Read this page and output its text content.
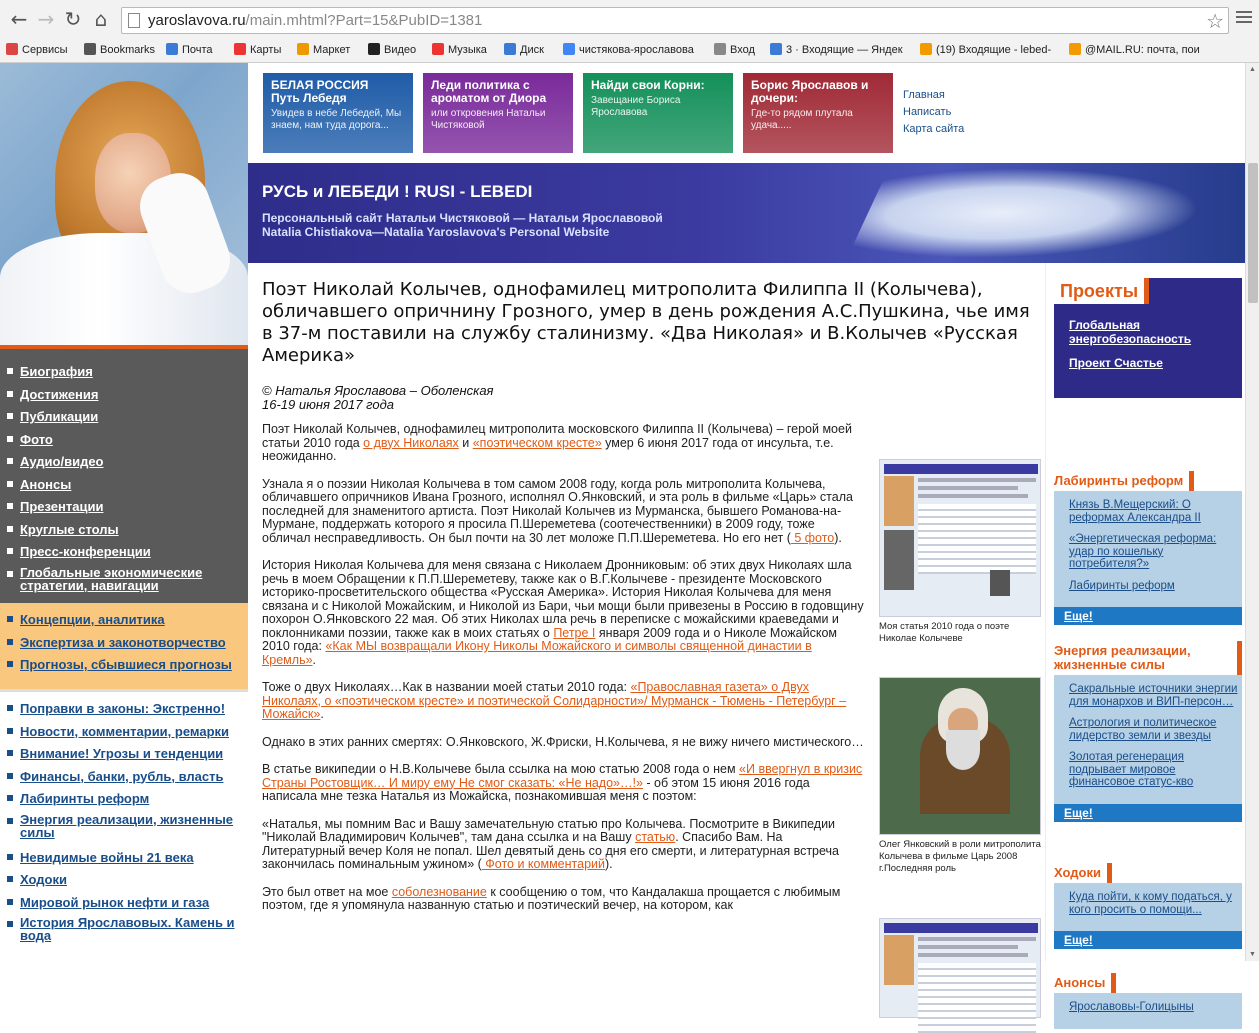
← → ↻ ⌂	yaroslavova.ru/main.mhtml?Part=15&PubID=1381	☆
Сервисы	Bookmarks	Почта	Карты	Маркет	Видео	Музыка	Диск	чистякова-ярославова	Вход	3 · Входящие — Яндек	(19) Входящие - lebed-	@MAIL.RU: почта, пои
Биография
Достижения
Публикации
Фото
Аудио/видео
Анонсы
Презентации
Круглые столы
Пресс-конференции
Глобальные экономические стратегии, навигации
Концепции, аналитика
Экспертиза и законотворчество
Прогнозы, сбывшиеся прогнозы
Поправки в законы: Экстренно!
Новости, комментарии, ремарки
Внимание! Угрозы и тенденции
Финансы, банки, рубль, власть
Лабиринты реформ
Энергия реализации, жизненные силы
Невидимые войны 21 века
Ходоки
Мировой рынок нефти и газа
История Ярославовых. Камень и вода
БЕЛАЯ РОССИЯ
Путь Лебедя
Увидев в небе Лебедей, Мы знаем, нам туда дорога...
Леди политика с ароматом от Диора
или откровения Натальи Чистяковой
Найди свои Корни:
Завещание Бориса Ярославова
Борис Ярославов и дочери:
Где-то рядом плутала удача.....
Главная
Написать
Карта сайта
РУСЬ и ЛЕБЕДИ ! RUSI - LEBEDI
Персональный сайт Натальи Чистяковой — Натальи Ярославовой
Natalia Chistiakova—Natalia Yaroslavova's Personal Website
Поэт Николай Колычев, однофамилец митрополита Филиппа II (Колычева), обличавшего опричнину Грозного, умер в день рождения А.С.Пушкина, чье имя в 37-м поставили на службу сталинизму. «Два Николая» и В.Колычев «Русская Америка»
© Наталья Ярославова – Оболенская
16-19 июня 2017 года

Поэт Николай Колычев, однофамилец митрополита московского Филиппа II (Колычева) – герой моей статьи 2010 года о двух Николаях и «поэтическом кресте» умер 6 июня 2017 года от инсульта, т.е. неожиданно.

Узнала я о поэзии Николая Колычева в том самом 2008 году, когда роль митрополита Колычева, обличавшего опричников Ивана Грозного, исполнял О.Янковский, и эта роль в фильме «Царь» стала последней для знаменитого артиста. Поэт Николай Колычев из Мурманска, бывшего Романова-на-Мурмане, поддержать которого я просила П.Шереметева (соотечественники) в 2009 году, тоже обличал несправедливость. Он был почти на 30 лет моложе П.П.Шереметева. Но его нет ( 5 фото).

История Николая Колычева для меня связана с Николаем Дронниковым: об этих двух Николаях шла речь в моем Обращении к П.П.Шереметеву, также как о В.Г.Колычеве - президенте Московского историко-просветительского общества «Русская Америка». История Николая Колычева для меня связана и с Николой Можайским, и Николой из Бари, чьи мощи были привезены в Россию в годовщину похорон О.Янковского 22 мая. Об этих Николах шла речь в переписке с можайскими краеведами и поклонниками поэзии, также как в моих статьях о Петре I января 2009 года и о Николе Можайском 2010 года: «Как МЫ возвращали Икону Николы Можайского и символы священной династии в Кремль».

Тоже о двух Николаях…Как в названии моей статьи 2010 года: «Православная газета» о Двух Николаях, о «поэтическом кресте» и поэтической Солидарности»/ Мурманск - Тюмень - Петербург – Можайск».

Однако в этих ранних смертях: О.Янковского, Ж.Фриски, Н.Колычева, я не вижу ничего мистического…

В статье википедии о Н.В.Колычеве была ссылка на мою статью 2008 года о нем «И ввергнул в кризис Страны Ростовщик… И миру ему Не смог сказать: «Не надо»…!» - об этом 15 июня 2016 года написала мне тезка Наталья из Можайска, познакомившая меня с поэтом:

«Наталья, мы помним Вас и Вашу замечательную статью про Колычева. Посмотрите в Википедии "Николай Владимирович Колычев", там дана ссылка и на Вашу статью. Спасибо Вам. На Литературный вечер Коля не попал. Шел девятый день со дня его смерти, и литературная встреча закончилась поминальным ужином» ( Фото и комментарий).

Это был ответ на мое соболезнование к сообщению о том, что Кандалакша прощается с любимым поэтом, где я упомянула названную статью и поэтический вечер, на котором, как

Моя статья 2010 года о поэте Николае Колычеве
Олег Янковский в роли митрополита Колычева в фильме Царь 2008 г.Последняя роль
Проекты
Глобальная энергобезопасность
Проект Счастье
Лабиринты реформ
Князь В.Мещерский: О реформах Александра II
«Энергетическая реформа: удар по кошельку потребителя?»
Лабиринты реформ
Еще!
Энергия реализации, жизненные силы
Сакральные источники энергии для монархов и ВИП-персон…
Астрология и политическое лидерство земли и звезды
Золотая регенерация подрывает мировое финансовое статус-кво
Еще!
Ходоки
Куда пойти, к кому податься, у кого просить о помощи...
Еще!
Анонсы
Ярославовы-Голицыны
▲
▼
